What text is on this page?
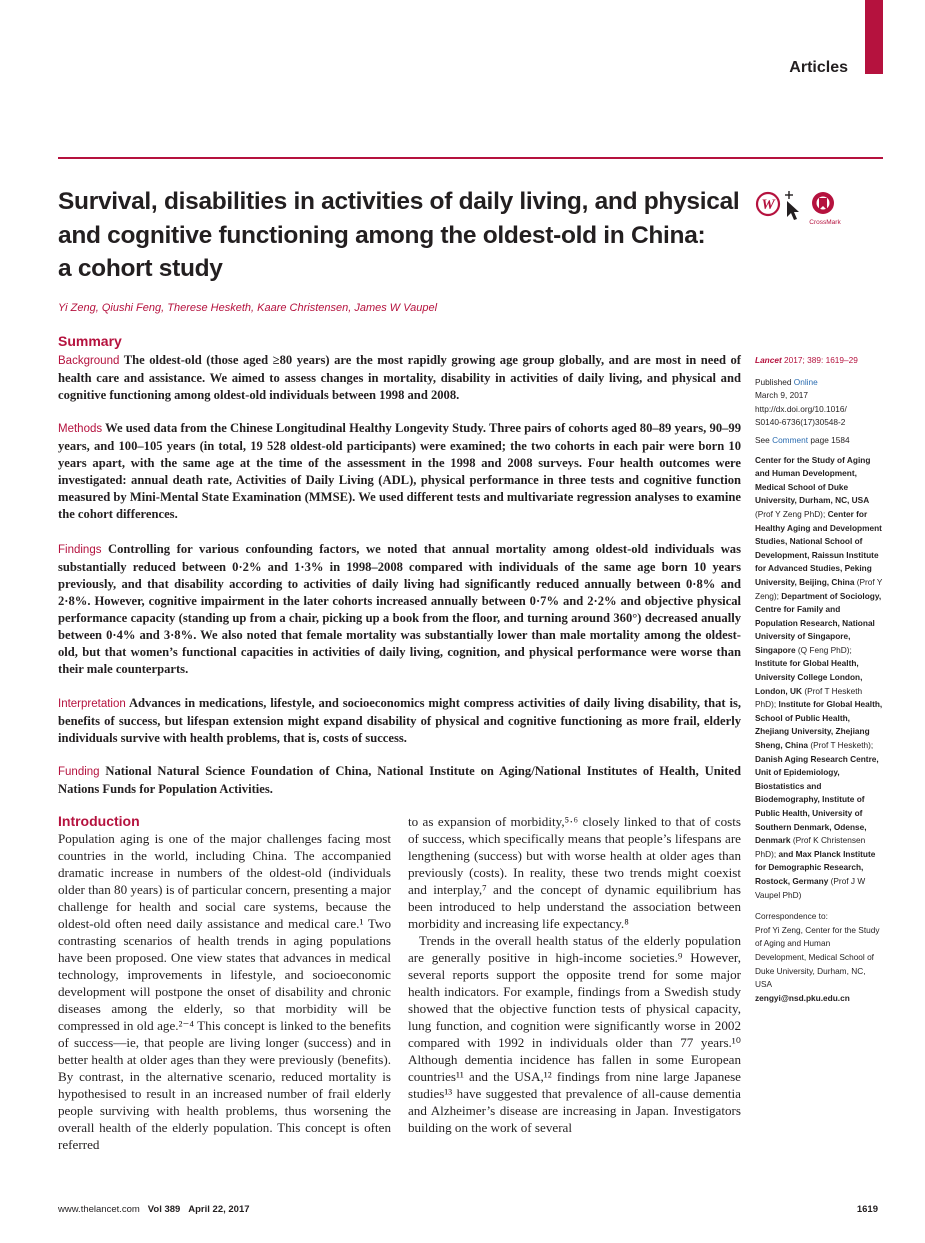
Articles
Survival, disabilities in activities of daily living, and physical
and cognitive functioning among the oldest-old in China:
a cohort study
W
CrossMark
Yi Zeng, Qiushi Feng, Therese Hesketh, Kaare Christensen, James W Vaupel
Summary

Background The oldest-old (those aged ≥80 years) are the most rapidly growing age group globally, and are most in need of health care and assistance. We aimed to assess changes in mortality, disability in activities of daily living, and physical and cognitive functioning among oldest-old individuals between 1998 and 2008.

Methods We used data from the Chinese Longitudinal Healthy Longevity Study. Three pairs of cohorts aged 80–89 years, 90–99 years, and 100–105 years (in total, 19 528 oldest-old participants) were examined; the two cohorts in each pair were born 10 years apart, with the same age at the time of the assessment in the 1998 and 2008 surveys. Four health outcomes were investigated: annual death rate, Activities of Daily Living (ADL), physical performance in three tests and cognitive function measured by Mini-Mental State Examination (MMSE). We used different tests and multivariate regression analyses to examine the cohort differences.

Findings Controlling for various confounding factors, we noted that annual mortality among oldest-old individuals was substantially reduced between 0·2% and 1·3% in 1998–2008 compared with individuals of the same age born 10 years previously, and that disability according to activities of daily living had significantly reduced annually between 0·8% and 2·8%. However, cognitive impairment in the later cohorts increased annually between 0·7% and 2·2% and objective physical performance capacity (standing up from a chair, picking up a book from the floor, and turning around 360°) decreased anually between 0·4% and 3·8%. We also noted that female mortality was substantially lower than male mortality among the oldest-old, but that women’s functional capacities in activities of daily living, cognition, and physical performance were worse than their male counterparts.

Interpretation Advances in medications, lifestyle, and socioeconomics might compress activities of daily living disability, that is, benefits of success, but lifespan extension might expand disability of physical and cognitive functioning as more frail, elderly individuals survive with health problems, that is, costs of success.

Funding National Natural Science Foundation of China, National Institute on Aging/National Institutes of Health, United Nations Funds for Population Activities.

Introduction

Population aging is one of the major challenges facing most countries in the world, including China. The accompanied dramatic increase in numbers of the oldest-old (individuals older than 80 years) is of particular concern, presenting a major challenge for health and social care systems, because the oldest-old often need daily assistance and medical care.¹ Two contrasting scenarios of health trends in aging populations have been proposed. One view states that advances in medical technology, improvements in lifestyle, and socioeconomic development will postpone the onset of disability and chronic diseases among the elderly, so that morbidity will be compressed in old age.²⁻⁴ This concept is linked to the benefits of success—ie, that people are living longer (success) and in better health at older ages than they were previously (benefits). By contrast, in the alternative scenario, reduced mortality is hypothesised to result in an increased number of frail elderly people surviving with health problems, thus worsening the overall health of the elderly population. This concept is often referred

to as expansion of morbidity,⁵·⁶ closely linked to that of costs of success, which specifically means that people’s lifespans are lengthening (success) but with worse health at older ages than previously (costs). In reality, these two trends might coexist and interplay,⁷ and the concept of dynamic equilibrium has been introduced to help understand the association between morbidity and increasing life expectancy.⁸

Trends in the overall health status of the elderly population are generally positive in high-income societies.⁹ However, several reports support the opposite trend for some major health indicators. For example, findings from a Swedish study showed that the objective function tests of physical capacity, lung function, and cognition were significantly worse in 2002 compared with 1992 in individuals older than 77 years.¹⁰ Although dementia incidence has fallen in some European countries¹¹ and the USA,¹² findings from nine large Japanese studies¹³ have suggested that prevalence of all-cause dementia and Alzheimer’s disease are increasing in Japan. Investigators building on the work of several

Lancet 2017; 389: 1619–29
Published Online
March 9, 2017
http://dx.doi.org/10.1016/
S0140-6736(17)30548-2
See Comment page 1584
Center for the Study of Aging and Human Development, Medical School of Duke University, Durham, NC, USA (Prof Y Zeng PhD); Center for Healthy Aging and Development Studies, National School of Development, Raissun Institute for Advanced Studies, Peking University, Beijing, China (Prof Y Zeng); Department of Sociology, Centre for Family and Population Research, National University of Singapore, Singapore (Q Feng PhD); Institute for Global Health, University College London, London, UK (Prof T Hesketh PhD); Institute for Global Health, School of Public Health, Zhejiang University, Zhejiang Sheng, China (Prof T Hesketh); Danish Aging Research Centre, Unit of Epidemiology, Biostatistics and Biodemography, Institute of Public Health, University of Southern Denmark, Odense, Denmark (Prof K Christensen PhD); and Max Planck Institute for Demographic Research, Rostock, Germany (Prof J W Vaupel PhD)
Correspondence to:
Prof Yi Zeng, Center for the Study of Aging and Human Development, Medical School of Duke University, Durham, NC, USA
zengyi@nsd.pku.edu.cn
www.thelancet.com Vol 389 April 22, 2017	1619
